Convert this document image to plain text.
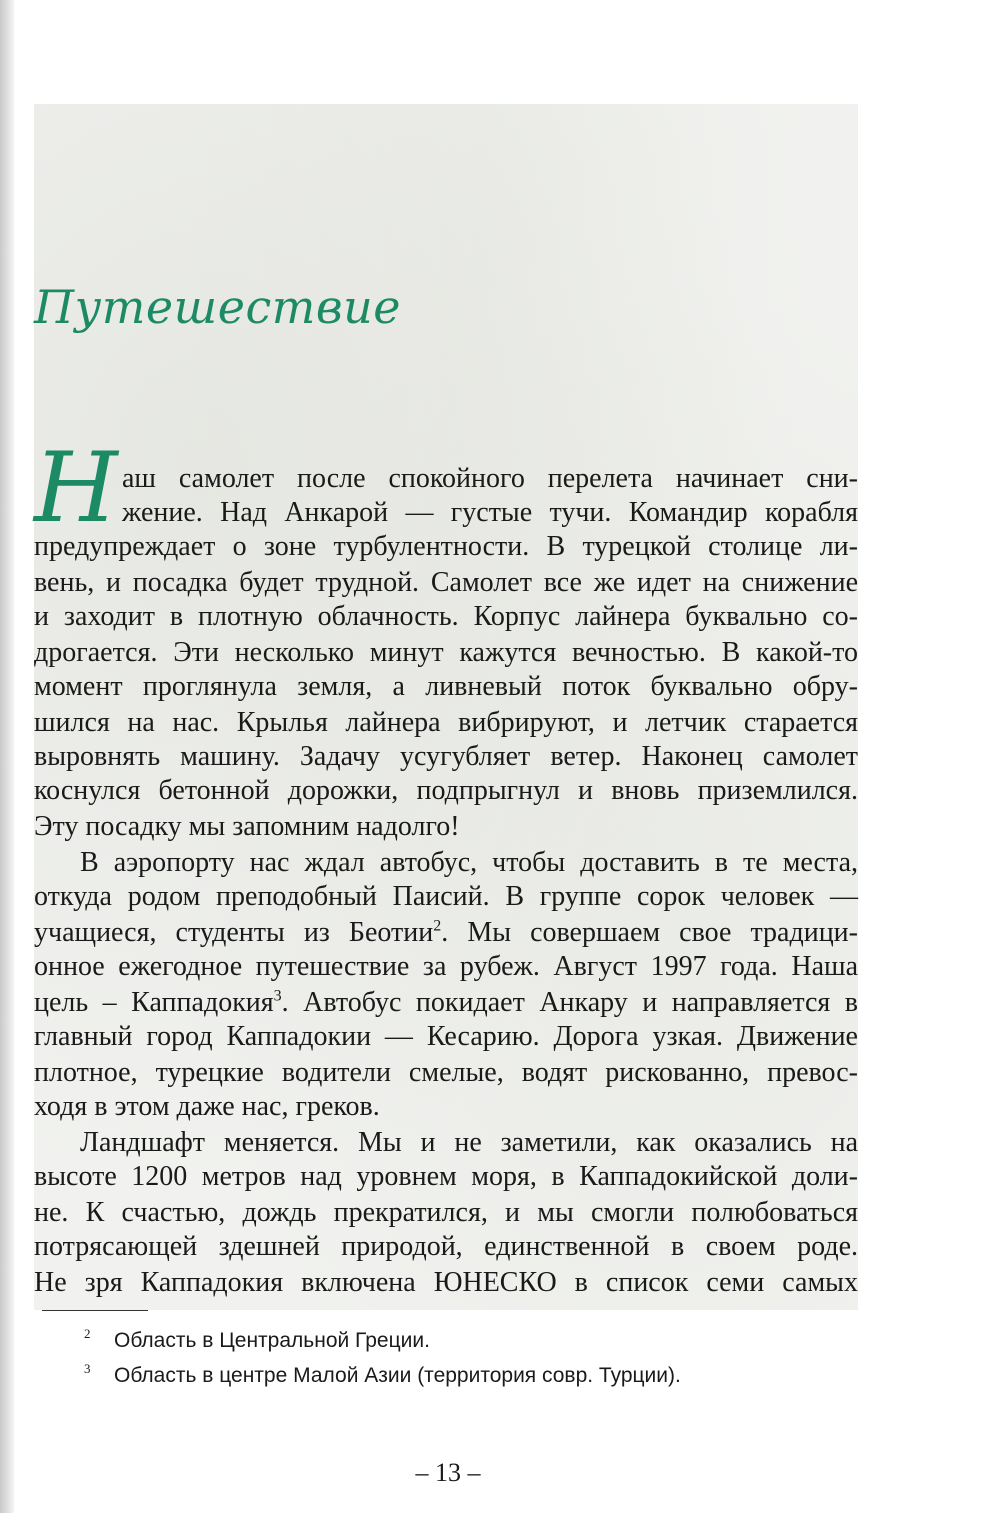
Путешествие
Н аш самолет после спокойного перелета начинает сни-
жение. Над Анкарой — густые тучи. Командир корабля
предупреждает о зоне турбулентности. В турецкой столице ли-
вень, и посадка будет трудной. Самолет все же идет на снижение
и заходит в плотную облачность. Корпус лайнера буквально со-
дрогается. Эти несколько минут кажутся вечностью. В какой-то
момент проглянула земля, а ливневый поток буквально обру-
шился на нас. Крылья лайнера вибрируют, и летчик старается
выровнять машину. Задачу усугубляет ветер. Наконец самолет
коснулся бетонной дорожки, подпрыгнул и вновь приземлился.
Эту посадку мы запомним надолго!
В аэропорту нас ждал автобус, чтобы доставить в те места,
откуда родом преподобный Паисий. В группе сорок человек —
учащиеся, студенты из Беотии$^2$. Мы совершаем свое традици-
онное ежегодное путешествие за рубеж. Август 1997 года. Наша
цель – Каппадокия$^3$. Автобус покидает Анкару и направляется в
главный город Каппадокии — Кесарию. Дорога узкая. Движение
плотное, турецкие водители смелые, водят рискованно, превос-
ходя в этом даже нас, греков.
Ландшафт меняется. Мы и не заметили, как оказались на
высоте 1200 метров над уровнем моря, в Каппадокийской доли-
не. К счастью, дождь прекратился, и мы смогли полюбоваться
потрясающей здешней природой, единственной в своем роде.
Не зря Каппадокия включена ЮНЕСКО в список семи самых
2 Область в Центральной Греции.
3 Область в центре Малой Азии (территория совр. Турции).
– 13 –
